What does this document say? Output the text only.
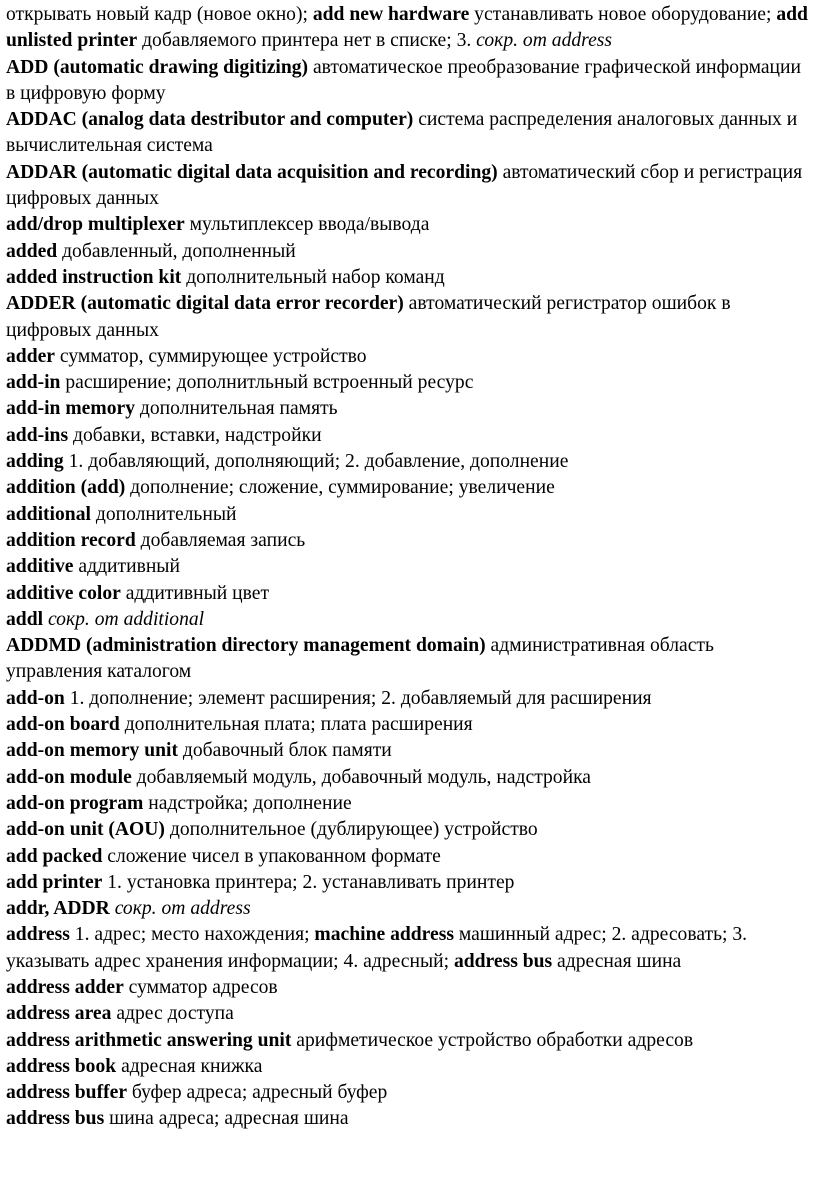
открывать новый кадр (новое окно); add new hardware устанавливать новое оборудование; add unlisted printer добавляемого принтера нет в списке; 3. сокр. от address

ADD (automatic drawing digitizing) автоматическое преобразование графической информации в цифровую форму

ADDAC (analog data destributor and computer) система распределения аналоговых данных и вычислительная система

ADDAR (automatic digital data acquisition and recording) автоматический сбор и регистрация цифровых данных

add/drop multiplexer мультиплексер ввода/вывода

added добавленный, дополненный

added instruction kit дополнительный набор команд

ADDER (automatic digital data error recorder) автоматический регистратор ошибок в цифровых данных

adder сумматор, суммирующее устройство

add-in расширение; дополнитльный встроенный ресурс

add-in memory дополнительная память

add-ins добавки, вставки, надстройки

adding 1. добавляющий, дополняющий; 2. добавление, дополнение

addition (add) дополнение; сложение, суммирование; увеличение

additional дополнительный

addition record добавляемая запись

additive аддитивный

additive color аддитивный цвет

addl сокр. от additional

ADDMD (administration directory management domain) административная область управления каталогом

add-on 1. дополнение; элемент расширения; 2. добавляемый для расширения

add-on board дополнительная плата; плата расширения

add-on memory unit добавочный блок памяти

add-on module добавляемый модуль, добавочный модуль, надстройка

add-on program надстройка; дополнение

add-on unit (AOU) дополнительное (дублирующее) устройство

add packed сложение чисел в упакованном формате

add printer 1. установка принтера; 2. устанавливать принтер

addr, ADDR сокр. от address

address 1. адрес; место нахождения; machine address машинный адрес; 2. адресовать; 3. указывать адрес хранения информации; 4. адресный; address bus адресная шина

address adder сумматор адресов

address area адрес доступа

address arithmetic answering unit арифметическое устройство обработки адресов

address book адресная книжка

address buffer буфер адреса; адресный буфер

address bus шина адреса; адресная шина
